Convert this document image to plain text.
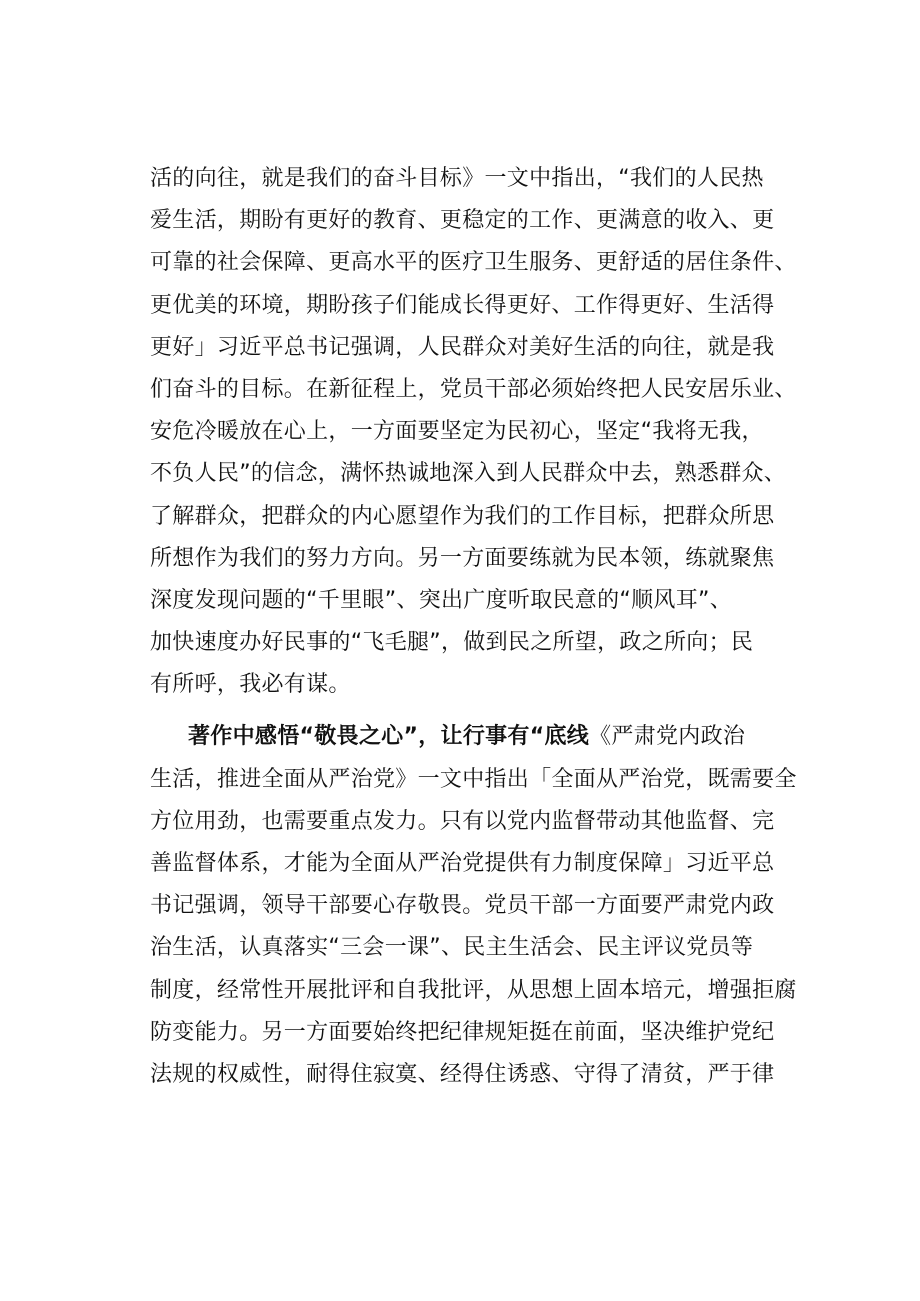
活的向往，就是我们的奋斗目标》一文中指出，“我们的人民热
爱生活，期盼有更好的教育、更稳定的工作、更满意的收入、更
可靠的社会保障、更高水平的医疗卫生服务、更舒适的居住条件、
更优美的环境，期盼孩子们能成长得更好、工作得更好、生活得
更好」习近平总书记强调，人民群众对美好生活的向往，就是我
们奋斗的目标。在新征程上，党员干部必须始终把人民安居乐业、
安危冷暖放在心上，一方面要坚定为民初心，坚定“我将无我，
不负人民”的信念，满怀热诚地深入到人民群众中去，熟悉群众、
了解群众，把群众的内心愿望作为我们的工作目标，把群众所思
所想作为我们的努力方向。另一方面要练就为民本领，练就聚焦
深度发现问题的“千里眼”、突出广度听取民意的“顺风耳”、
加快速度办好民事的“飞毛腿”，做到民之所望，政之所向；民
有所呼，我必有谋。
著作中感悟“敬畏之心”，让行事有“底线《严肃党内政治
生活，推进全面从严治党》一文中指出「全面从严治党，既需要全
方位用劲，也需要重点发力。只有以党内监督带动其他监督、完
善监督体系，才能为全面从严治党提供有力制度保障」习近平总
书记强调，领导干部要心存敬畏。党员干部一方面要严肃党内政
治生活，认真落实“三会一课”、民主生活会、民主评议党员等
制度，经常性开展批评和自我批评，从思想上固本培元，增强拒腐
防变能力。另一方面要始终把纪律规矩挺在前面，坚决维护党纪
法规的权威性，耐得住寂寞、经得住诱惑、守得了清贫，严于律
